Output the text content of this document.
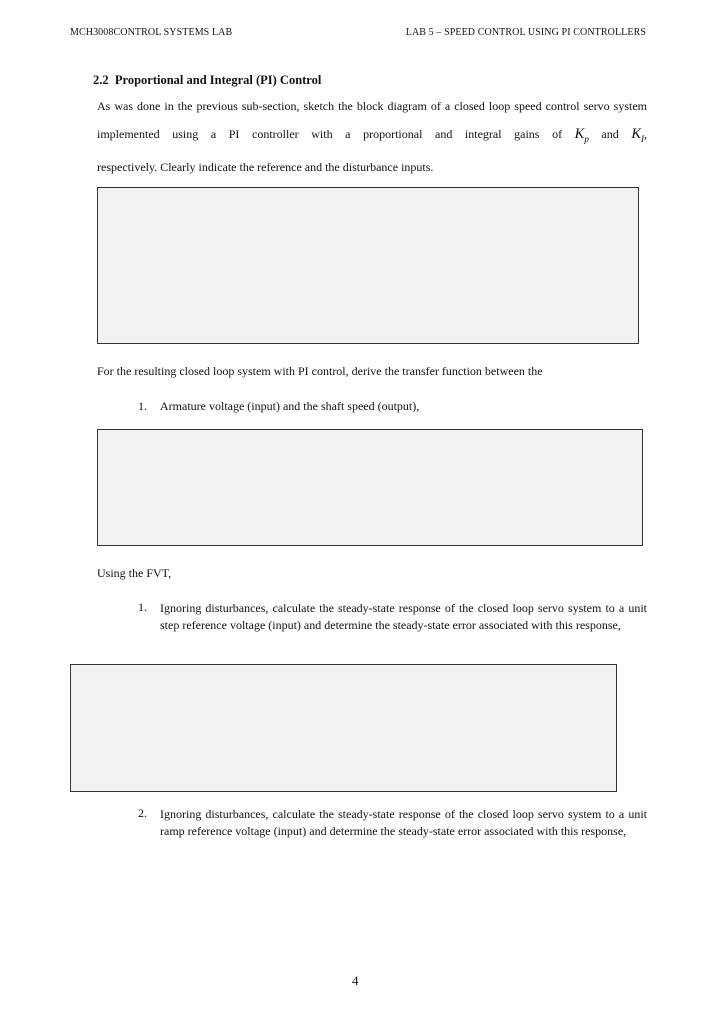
MCH3008CONTROL SYSTEMS LAB	LAB 5 – SPEED CONTROL USING PI CONTROLLERS
2.2 Proportional and Integral (PI) Control
As was done in the previous sub-section, sketch the block diagram of a closed loop speed control servo system implemented using a PI controller with a proportional and integral gains of $K_p$ and $K_I$,
respectively. Clearly indicate the reference and the disturbance inputs.
For the resulting closed loop system with PI control, derive the transfer function between the
1. Armature voltage (input) and the shaft speed (output),
Using the FVT,
1. Ignoring disturbances, calculate the steady-state response of the closed loop servo system to a unit step reference voltage (input) and determine the steady-state error associated with this response,
2. Ignoring disturbances, calculate the steady-state response of the closed loop servo system to a unit ramp reference voltage (input) and determine the steady-state error associated with this response,
4
